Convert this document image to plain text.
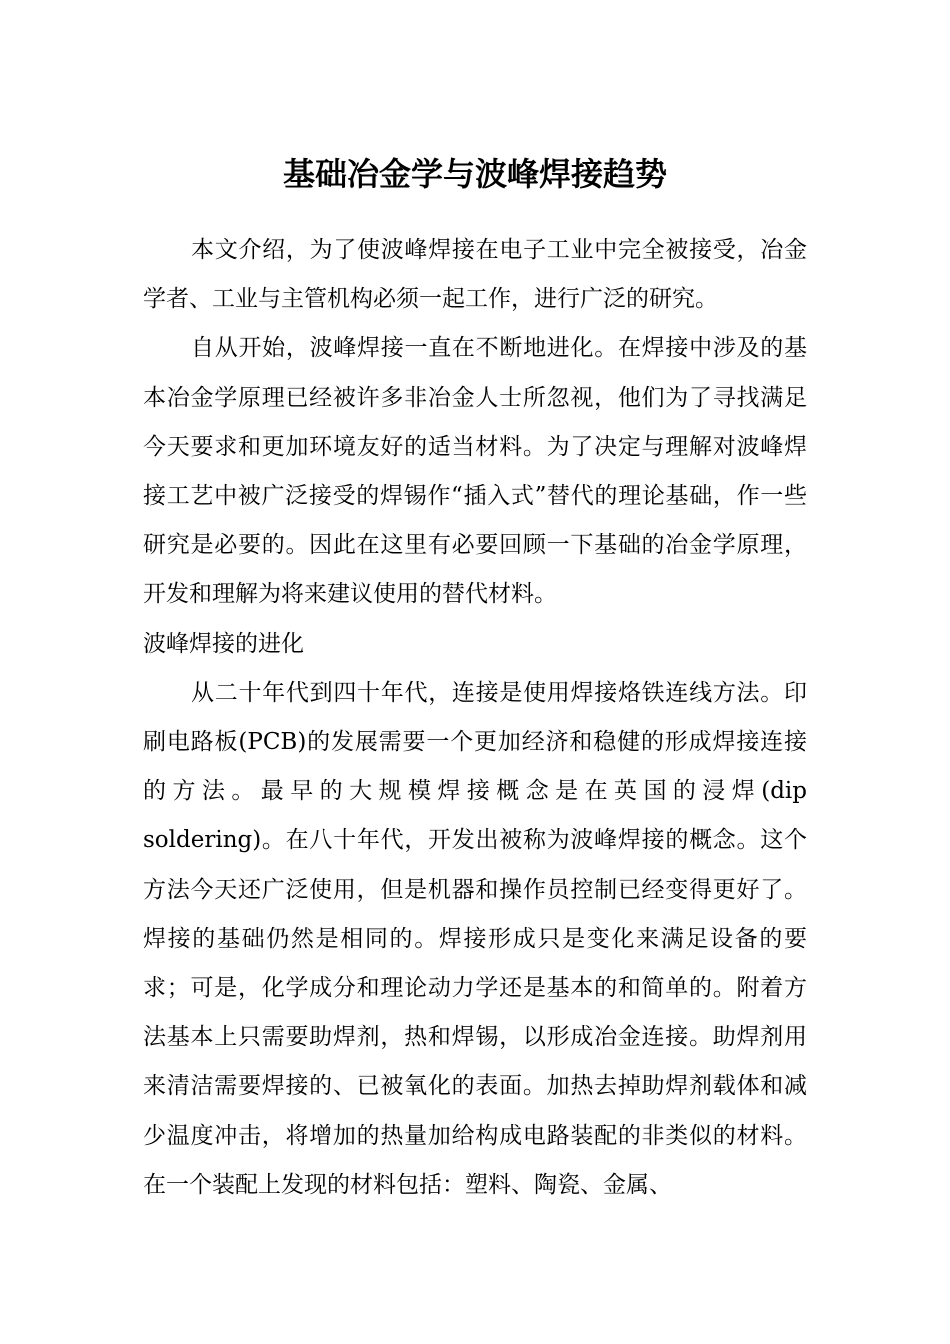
基础冶金学与波峰焊接趋势

本文介绍，为了使波峰焊接在电子工业中完全被接受，冶金学者、工业与主管机构必须一起工作，进行广泛的研究。

自从开始，波峰焊接一直在不断地进化。在焊接中涉及的基本冶金学原理已经被许多非冶金人士所忽视，他们为了寻找满足今天要求和更加环境友好的适当材料。为了决定与理解对波峰焊接工艺中被广泛接受的焊锡作“插入式”替代的理论基础，作一些研究是必要的。因此在这里有必要回顾一下基础的冶金学原理，开发和理解为将来建议使用的替代材料。

波峰焊接的进化

从二十年代到四十年代，连接是使用焊接烙铁连线方法。印刷电路板(PCB)的发展需要一个更加经济和稳健的形成焊接连接的方法。最早的大规模焊接概念是在英国的浸焊(dip soldering)。在八十年代，开发出被称为波峰焊接的概念。这个方法今天还广泛使用，但是机器和操作员控制已经变得更好了。焊接的基础仍然是相同的。焊接形成只是变化来满足设备的要求；可是，化学成分和理论动力学还是基本的和简单的。附着方法基本上只需要助焊剂，热和焊锡，以形成冶金连接。助焊剂用来清洁需要焊接的、已被氧化的表面。加热去掉助焊剂载体和减少温度冲击，将增加的热量加给构成电路装配的非类似的材料。在一个装配上发现的材料包括：塑料、陶瓷、金属、
